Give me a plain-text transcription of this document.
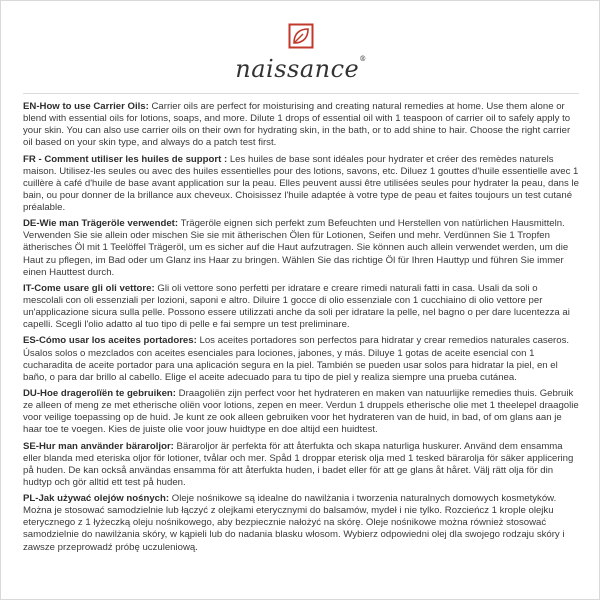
naissance®

EN-How to use Carrier Oils: Carrier oils are perfect for moisturising and creating natural remedies at home. Use them alone or blend with essential oils for lotions, soaps, and more. Dilute 1 drops of essential oil with 1 teaspoon of carrier oil to safely apply to your skin. You can also use carrier oils on their own for hydrating skin, in the bath, or to add shine to hair. Choose the right carrier oil based on your skin type, and always do a patch test first.

FR - Comment utiliser les huiles de support : Les huiles de base sont idéales pour hydrater et créer des remèdes naturels maison. Utilisez-les seules ou avec des huiles essentielles pour des lotions, savons, etc. Diluez 1 gouttes d'huile essentielle avec 1 cuillère à café d'huile de base avant application sur la peau. Elles peuvent aussi être utilisées seules pour hydrater la peau, dans le bain, ou pour donner de la brillance aux cheveux. Choisissez l'huile adaptée à votre type de peau et faites toujours un test cutané préalable.

DE-Wie man Trägeröle verwendet: Trägeröle eignen sich perfekt zum Befeuchten und Herstellen von natürlichen Hausmitteln. Verwenden Sie sie allein oder mischen Sie sie mit ätherischen Ölen für Lotionen, Seifen und mehr. Verdünnen Sie 1 Tropfen ätherisches Öl mit 1 Teelöffel Trägeröl, um es sicher auf die Haut aufzutragen. Sie können auch allein verwendet werden, um die Haut zu pflegen, im Bad oder um Glanz ins Haar zu bringen. Wählen Sie das richtige Öl für Ihren Hauttyp und führen Sie immer einen Hauttest durch.

IT-Come usare gli oli vettore: Gli oli vettore sono perfetti per idratare e creare rimedi naturali fatti in casa. Usali da soli o mescolali con oli essenziali per lozioni, saponi e altro. Diluire 1 gocce di olio essenziale con 1 cucchiaino di olio vettore per un'applicazione sicura sulla pelle. Possono essere utilizzati anche da soli per idratare la pelle, nel bagno o per dare lucentezza ai capelli. Scegli l'olio adatto al tuo tipo di pelle e fai sempre un test preliminare.

ES-Cómo usar los aceites portadores: Los aceites portadores son perfectos para hidratar y crear remedios naturales caseros. Úsalos solos o mezclados con aceites esenciales para lociones, jabones, y más. Diluye 1 gotas de aceite esencial con 1 cucharadita de aceite portador para una aplicación segura en la piel. También se pueden usar solos para hidratar la piel, en el baño, o para dar brillo al cabello. Elige el aceite adecuado para tu tipo de piel y realiza siempre una prueba cutánea.

DU-Hoe dragerolïën te gebruiken: Draagoliën zijn perfect voor het hydrateren en maken van natuurlijke remedies thuis. Gebruik ze alleen of meng ze met etherische oliën voor lotions, zepen en meer. Verdun 1 druppels etherische olie met 1 theelepel draagolie voor veilige toepassing op de huid. Je kunt ze ook alleen gebruiken voor het hydrateren van de huid, in bad, of om glans aan je haar toe te voegen. Kies de juiste olie voor jouw huidtype en doe altijd een huidtest.

SE-Hur man använder bäraroljor: Bäraroljor är perfekta för att återfukta och skapa naturliga huskurer. Använd dem ensamma eller blanda med eteriska oljor för lotioner, tvålar och mer. Spåd 1 droppar eterisk olja med 1 tesked bärarolja för säker applicering på huden. De kan också användas ensamma för att återfukta huden, i badet eller för att ge glans åt håret. Välj rätt olja för din hudtyp och gör alltid ett test på huden.

PL-Jak używać olejów nośnych: Oleje nośnikowe są idealne do nawilżania i tworzenia naturalnych domowych kosmetyków. Można je stosować samodzielnie lub łączyć z olejkami eterycznymi do balsamów, mydeł i nie tylko. Rozcieńcz 1 krople olejku eterycznego z 1 łyżeczką oleju nośnikowego, aby bezpiecznie nałożyć na skórę. Oleje nośnikowe można również stosować samodzielnie do nawilżania skóry, w kąpieli lub do nadania blasku włosom. Wybierz odpowiedni olej dla swojego rodzaju skóry i zawsze przeprowadź próbę uczuleniową.
